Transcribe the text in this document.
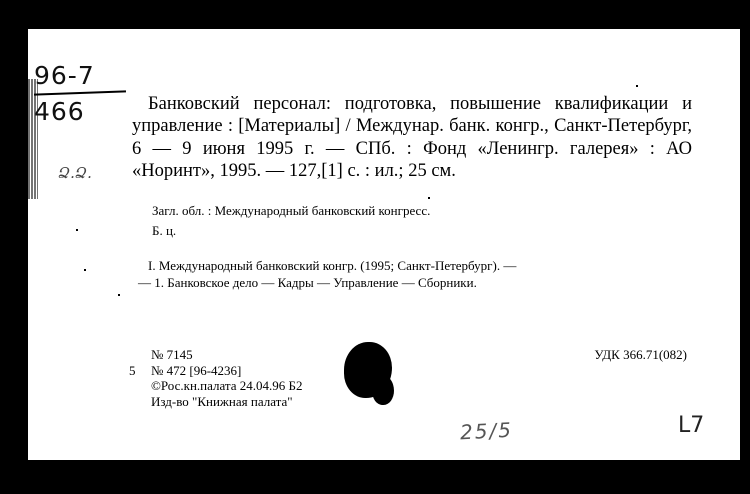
96-7
466
Ձ.Ձ.

Банковский персонал: подготовка, повышение квалификации и управление : [Материалы] / Междунар. банк. конгр., Санкт-Петербург, 6 — 9 июня 1995 г. — СПб. : Фонд «Ленингр. галерея» : АО «Норинт», 1995. — 127,[1] с. : ил.; 25 см.

Загл. обл. : Международный банковский конгресс.

Б. ц.

I. Международный банковский конгр. (1995; Санкт-Петербург). —

— 1. Банковское дело — Кадры — Управление — Сборники.

№ 7145
5 № 472 [96-4236]
©Рос.кн.палата 24.04.96 Б2
Изд-во "Книжная палата"
УДК 366.71(082)
25/5	L7
